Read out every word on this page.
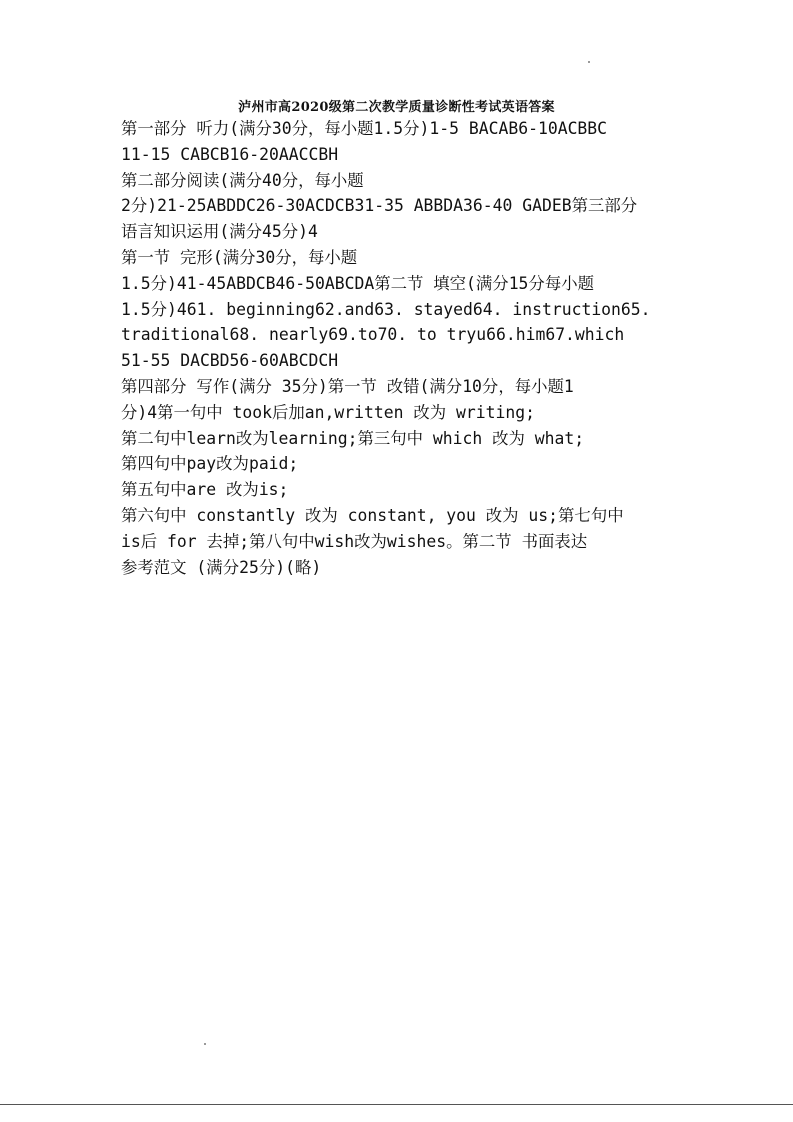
泸州市高2020级第二次教学质量诊断性考试英语答案
第一部分 听力(满分30分，每小题1.5分)1-5 BACAB6-10ACBBC
11-15 CABCB16-20AACCBH
第二部分阅读(满分40分，每小题
2分)21-25ABDDC26-30ACDCB31-35 ABBDA36-40 GADEB第三部分
语言知识运用(满分45分)4
第一节 完形(满分30分，每小题
1.5分)41-45ABDCB46-50ABCDA第二节 填空(满分15分每小题
1.5分)461. beginning62.and63. stayed64. instruction65.
traditional68. nearly69.to70. to tryu66.him67.which
51-55 DACBD56-60ABCDCH
第四部分 写作(满分 35分)第一节 改错(满分10分，每小题1
分)4第一句中 took后加an,written 改为 writing;
第二句中learn改为learning;第三句中 which 改为 what;
第四句中pay改为paid;
第五句中are 改为is;
第六句中 constantly 改为 constant, you 改为 us;第七句中
is后 for 去掉;第八句中wish改为wishes。第二节 书面表达
参考范文 (满分25分)(略)
